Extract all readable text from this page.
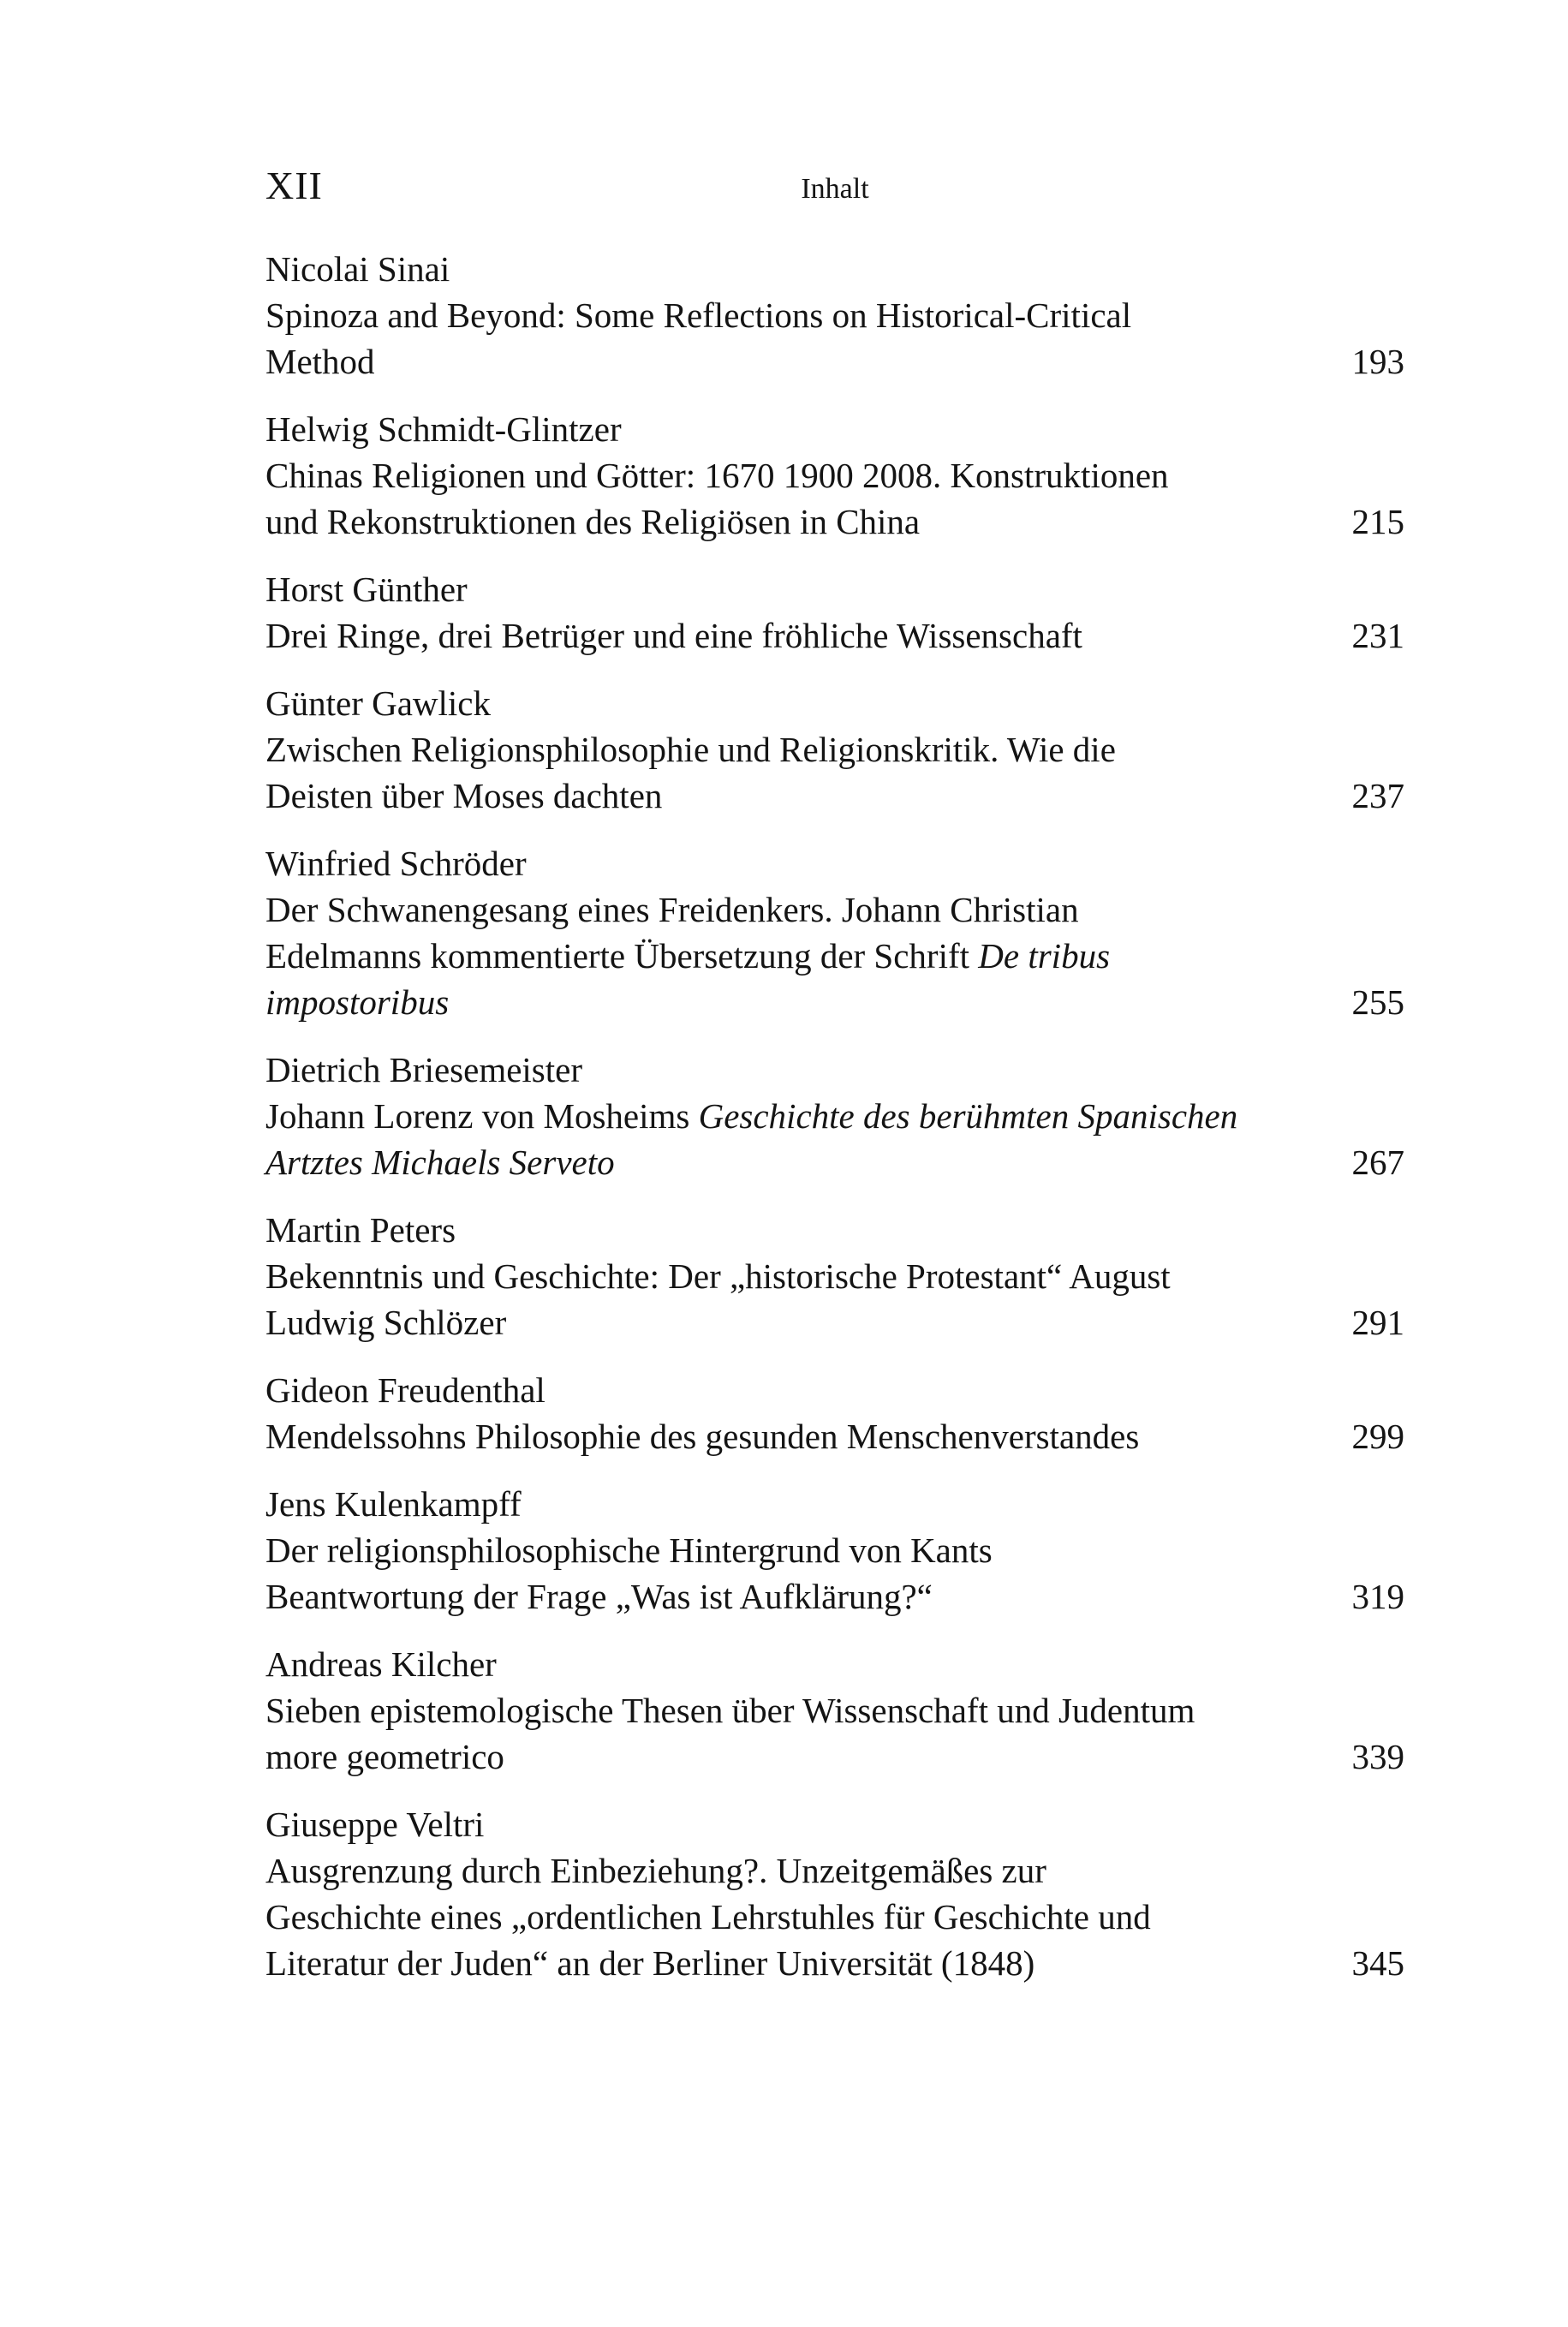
XII	Inhalt
Nicolai Sinai
Spinoza and Beyond: Some Reflections on Historical-Critical
Method	193
Helwig Schmidt-Glintzer
Chinas Religionen und Götter: 1670 1900 2008. Konstruktionen
und Rekonstruktionen des Religiösen in China	215
Horst Günther
Drei Ringe, drei Betrüger und eine fröhliche Wissenschaft	231
Günter Gawlick
Zwischen Religionsphilosophie und Religionskritik. Wie die
Deisten über Moses dachten	237
Winfried Schröder
Der Schwanengesang eines Freidenkers. Johann Christian
Edelmanns kommentierte Übersetzung der Schrift De tribus
impostoribus	255
Dietrich Briesemeister
Johann Lorenz von Mosheims Geschichte des berühmten Spanischen
Artztes Michaels Serveto	267
Martin Peters
Bekenntnis und Geschichte: Der „historische Protestant“ August
Ludwig Schlözer	291
Gideon Freudenthal
Mendelssohns Philosophie des gesunden Menschenverstandes	299
Jens Kulenkampff
Der religionsphilosophische Hintergrund von Kants
Beantwortung der Frage „Was ist Aufklärung?“	319
Andreas Kilcher
Sieben epistemologische Thesen über Wissenschaft und Judentum
more geometrico	339
Giuseppe Veltri
Ausgrenzung durch Einbeziehung?. Unzeitgemäßes zur
Geschichte eines „ordentlichen Lehrstuhles für Geschichte und
Literatur der Juden“ an der Berliner Universität (1848)	345
